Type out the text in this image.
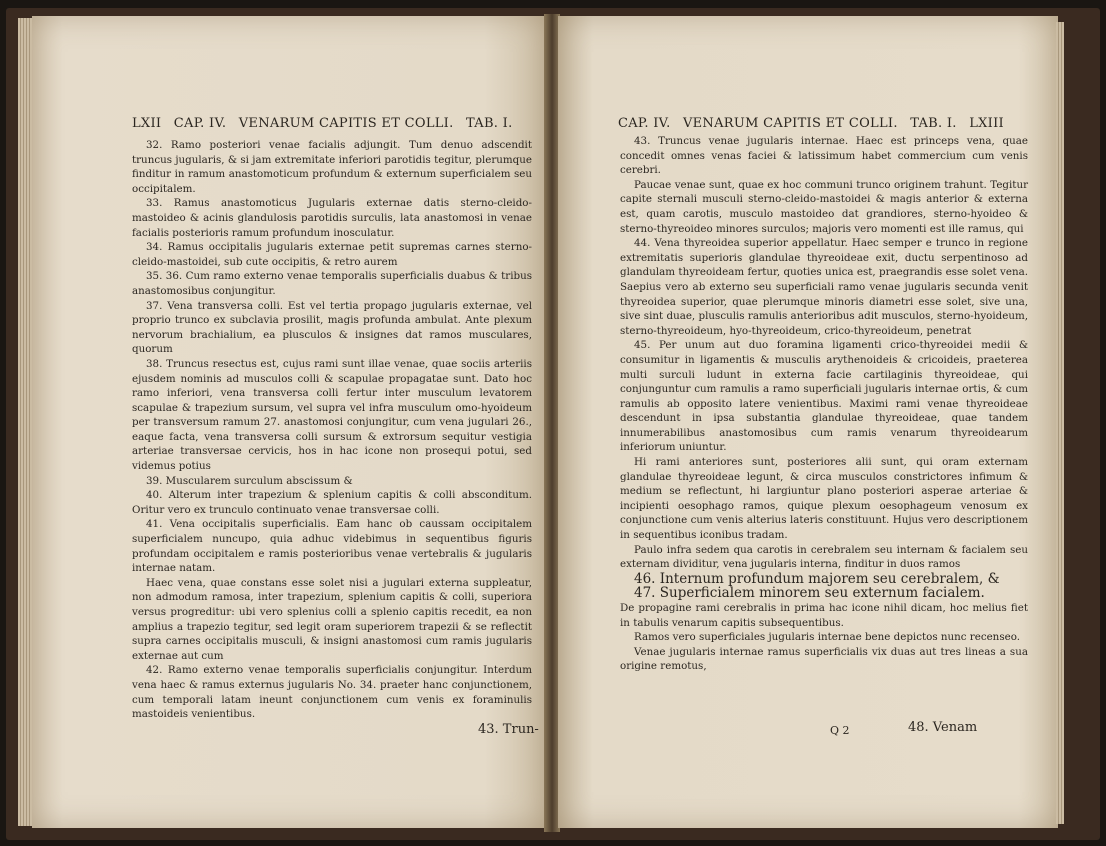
LXII CAP. IV. VENARUM CAPITIS ET COLLI. TAB. I.

32. Ramo posteriori venae facialis adjungit. Tum denuo adscendit truncus jugularis, & si jam extremitate inferiori parotidis tegitur, plerumque finditur in ramum anastomoticum profundum & externum superficialem seu occipitalem.

33. Ramus anastomoticus Jugularis externae datis sterno-cleido-mastoideo & acinis glandulosis parotidis surculis, lata anastomosi in venae facialis posterioris ramum profundum inosculatur.

34. Ramus occipitalis jugularis externae petit supremas carnes sterno-cleido-mastoidei, sub cute occipitis, & retro aurem

35. 36. Cum ramo externo venae temporalis superficialis duabus & tribus anastomosibus conjungitur.

37. Vena transversa colli. Est vel tertia propago jugularis externae, vel proprio trunco ex subclavia prosilit, magis profunda ambulat. Ante plexum nervorum brachialium, ea plusculos & insignes dat ramos musculares, quorum

38. Truncus resectus est, cujus rami sunt illae venae, quae sociis arteriis ejusdem nominis ad musculos colli & scapulae propagatae sunt. Dato hoc ramo inferiori, vena transversa colli fertur inter musculum levatorem scapulae & trapezium sursum, vel supra vel infra musculum omo-hyoideum per transversum ramum 27. anastomosi conjungitur, cum vena jugulari 26., eaque facta, vena transversa colli sursum & extrorsum sequitur vestigia arteriae transversae cervicis, hos in hac icone non prosequi potui, sed videmus potius

39. Muscularem surculum abscissum &

40. Alterum inter trapezium & splenium capitis & colli absconditum. Oritur vero ex trunculo continuato venae transversae colli.

41. Vena occipitalis superficialis. Eam hanc ob caussam occipitalem superficialem nuncupo, quia adhuc videbimus in sequentibus figuris profundam occipitalem e ramis posterioribus venae vertebralis & jugularis internae natam.

Haec vena, quae constans esse solet nisi a jugulari externa suppleatur, non admodum ramosa, inter trapezium, splenium capitis & colli, superiora versus progreditur: ubi vero splenius colli a splenio capitis recedit, ea non amplius a trapezio tegitur, sed legit oram superiorem trapezii & se reflectit supra carnes occipitalis musculi, & insigni anastomosi cum ramis jugularis externae aut cum

42. Ramo externo venae temporalis superficialis conjungitur. Interdum vena haec & ramus externus jugularis No. 34. praeter hanc conjunctionem, cum temporali latam ineunt conjunctionem cum venis ex foraminulis mastoideis venientibus.

43. Trun-
CAP. IV. VENARUM CAPITIS ET COLLI. TAB. I. LXIII

43. Truncus venae jugularis internae. Haec est princeps vena, quae concedit omnes venas faciei & latissimum habet commercium cum venis cerebri.

Paucae venae sunt, quae ex hoc communi trunco originem trahunt. Tegitur capite sternali musculi sterno-cleido-mastoidei & magis anterior & externa est, quam carotis, musculo mastoideo dat grandiores, sterno-hyoideo & sterno-thyreoideo minores surculos; majoris vero momenti est ille ramus, qui

44. Vena thyreoidea superior appellatur. Haec semper e trunco in regione extremitatis superioris glandulae thyreoideae exit, ductu serpentinoso ad glandulam thyreoideam fertur, quoties unica est, praegrandis esse solet vena. Saepius vero ab externo seu superficiali ramo venae jugularis secunda venit thyreoidea superior, quae plerumque minoris diametri esse solet, sive una, sive sint duae, plusculis ramulis anterioribus adit musculos, sterno-hyoideum, sterno-thyreoideum, hyo-thyreoideum, crico-thyreoideum, penetrat

45. Per unum aut duo foramina ligamenti crico-thyreoidei medii & consumitur in ligamentis & musculis arythenoideis & cricoideis, praeterea multi surculi ludunt in externa facie cartilaginis thyreoideae, qui conjunguntur cum ramulis a ramo superficiali jugularis internae ortis, & cum ramulis ab opposito latere venientibus. Maximi rami venae thyreoideae descendunt in ipsa substantia glandulae thyreoideae, quae tandem innumerabilibus anastomosibus cum ramis venarum thyreoidearum inferiorum uniuntur.

Hi rami anteriores sunt, posteriores alii sunt, qui oram externam glandulae thyreoideae legunt, & circa musculos constrictores infimum & medium se reflectunt, hi largiuntur plano posteriori asperae arteriae & incipienti oesophago ramos, quique plexum oesophageum venosum ex conjunctione cum venis alterius lateris constituunt. Hujus vero descriptionem in sequentibus iconibus tradam.

Paulo infra sedem qua carotis in cerebralem seu internam & facialem seu externam dividitur, vena jugularis interna, finditur in duos ramos

46. Internum profundum majorem seu cerebralem, &

47. Superficialem minorem seu externum facialem.

De propagine rami cerebralis in prima hac icone nihil dicam, hoc melius fiet in tabulis venarum capitis subsequentibus.

Ramos vero superficiales jugularis internae bene depictos nunc recenseo.

Venae jugularis internae ramus superficialis vix duas aut tres lineas a sua origine remotus,

Q 2	48. Venam
